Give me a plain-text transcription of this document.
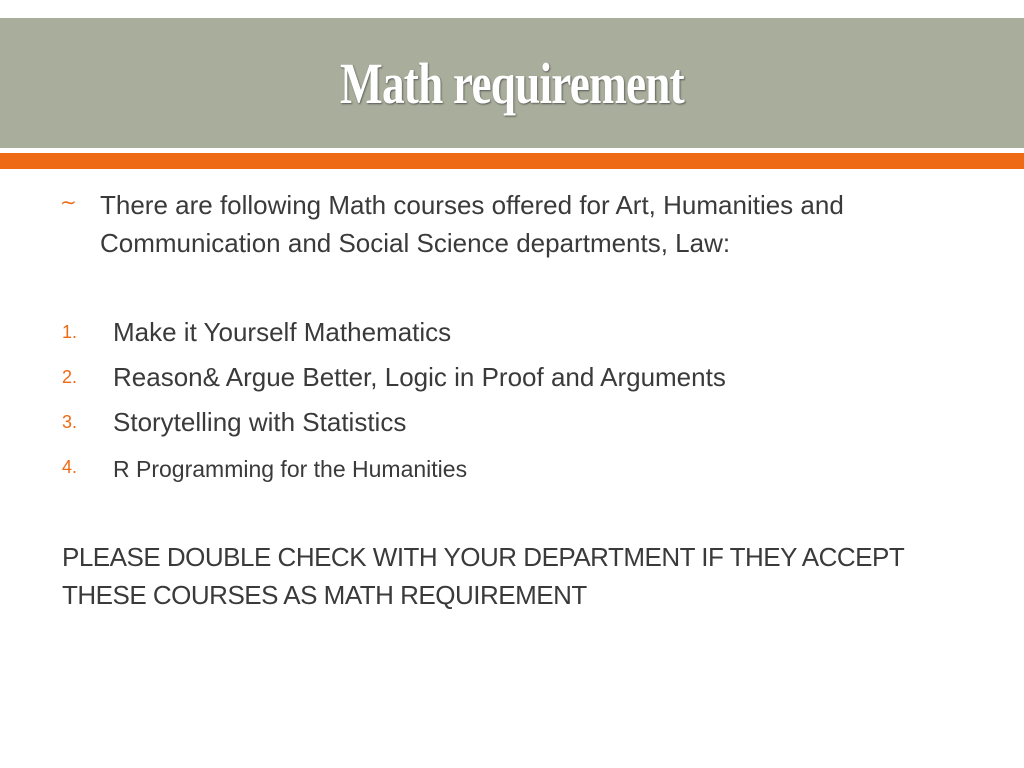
Math requirement
∼ There are following Math courses offered for Art, Humanities and Communication and Social Science departments, Law:
1. Make it Yourself Mathematics
2. Reason& Argue Better, Logic in Proof and Arguments
3. Storytelling with Statistics
4. R Programming for the Humanities
PLEASE DOUBLE CHECK WITH YOUR DEPARTMENT IF THEY ACCEPT THESE COURSES AS MATH REQUIREMENT
